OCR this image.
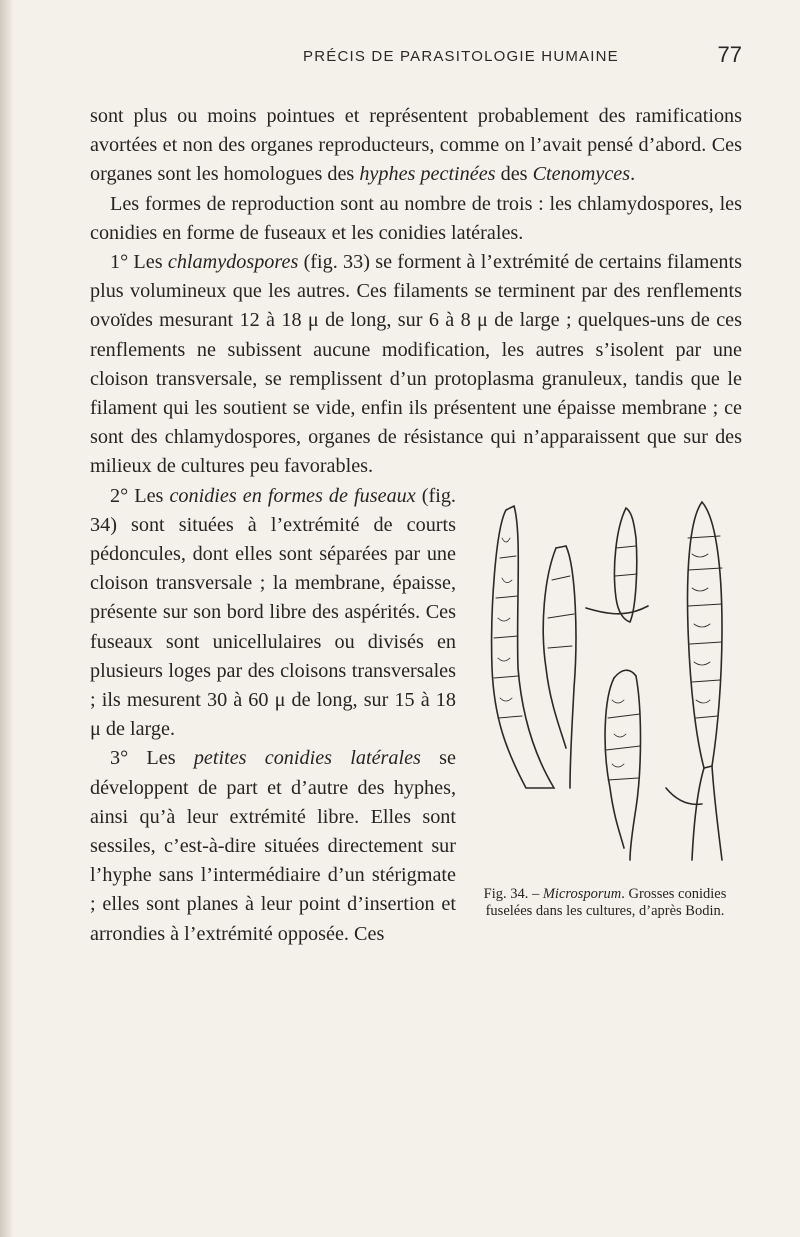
PRÉCIS DE PARASITOLOGIE HUMAINE	77

sont plus ou moins pointues et représentent probablement des ramifications avortées et non des organes reproducteurs, comme on l’avait pensé d’abord. Ces organes sont les homologues des hyphes pectinées des Ctenomyces.

Les formes de reproduction sont au nombre de trois : les chlamydospores, les conidies en forme de fuseaux et les conidies latérales.

1° Les chlamydospores (fig. 33) se forment à l’extrémité de certains filaments plus volumineux que les autres. Ces filaments se terminent par des renflements ovoïdes mesurant 12 à 18 μ de long, sur 6 à 8 μ de large ; quelques-uns de ces renflements ne subissent aucune modification, les autres s’isolent par une cloison transversale, se remplissent d’un protoplasma granuleux, tandis que le filament qui les soutient se vide, enfin ils présentent une épaisse membrane ; ce sont des chlamydospores, organes de résistance qui n’apparaissent que sur des milieux de cultures peu favorables.

Fig. 34. – Microsporum. Grosses conidies fuselées dans les cultures, d’après Bodin.

2° Les conidies en formes de fuseaux (fig. 34) sont situées à l’extrémité de courts pédoncules, dont elles sont séparées par une cloison transversale ; la membrane, épaisse, présente sur son bord libre des aspérités. Ces fuseaux sont unicellulaires ou divisés en plusieurs loges par des cloisons transversales ; ils mesurent 30 à 60 μ de long, sur 15 à 18 μ de large.

3° Les petites conidies latérales se développent de part et d’autre des hyphes, ainsi qu’à leur extrémité libre. Elles sont sessiles, c’est-à-dire situées directement sur l’hyphe sans l’intermédiaire d’un stérigmate ; elles sont planes à leur point d’insertion et arrondies à l’extrémité opposée. Ces
